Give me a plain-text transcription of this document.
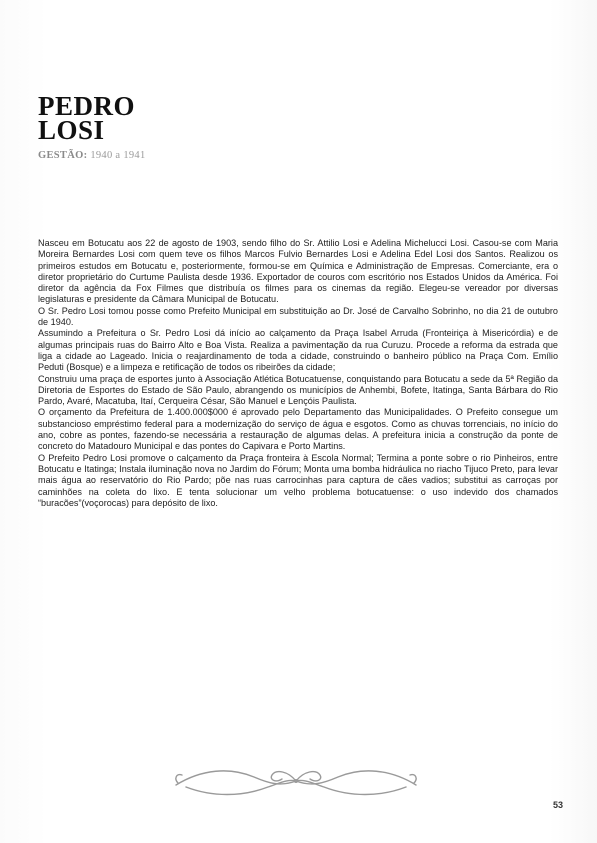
PEDRO
LOSI
GESTÃO: 1940 a 1941

Nasceu em Botucatu aos 22 de agosto de 1903, sendo filho do Sr. Attilio Losi e Adelina Michelucci Losi. Casou-se com Maria Moreira Bernardes Losi com quem teve os filhos Marcos Fulvio Bernardes Losi e Adelina Edel Losi dos Santos. Realizou os primeiros estudos em Botucatu e, posteriormente, formou-se em Química e Administração de Empresas. Comerciante, era o diretor proprietário do Curtume Paulista desde 1936. Exportador de couros com escritório nos Estados Unidos da América. Foi diretor da agência da Fox Filmes que distribuía os filmes para os cinemas da região. Elegeu-se vereador por diversas legislaturas e presidente da Câmara Municipal de Botucatu.

O Sr. Pedro Losi tomou posse como Prefeito Municipal em substituição ao Dr. José de Carvalho Sobrinho, no dia 21 de outubro de 1940.

Assumindo a Prefeitura o Sr. Pedro Losi dá início ao calçamento da Praça Isabel Arruda (Fronteiriça à Misericórdia) e de algumas principais ruas do Bairro Alto e Boa Vista. Realiza a pavimentação da rua Curuzu. Procede a reforma da estrada que liga a cidade ao Lageado. Inicia o reajardinamento de toda a cidade, construindo o banheiro público na Praça Com. Emílio Peduti (Bosque) e a limpeza e retificação de todos os ribeirões da cidade;

Construiu uma praça de esportes junto à Associação Atlética Botucatuense, conquistando para Botucatu a sede da 5ª Região da Diretoria de Esportes do Estado de São Paulo, abrangendo os municípios de Anhembi, Bofete, Itatinga, Santa Bárbara do Rio Pardo, Avaré, Macatuba, Itaí, Cerqueira César, São Manuel e Lençóis Paulista.

O orçamento da Prefeitura de 1.400.000$000 é aprovado pelo Departamento das Municipalidades. O Prefeito consegue um substancioso empréstimo federal para a modernização do serviço de água e esgotos. Como as chuvas torrenciais, no início do ano, cobre as pontes, fazendo-se necessária a restauração de algumas delas. A prefeitura inicia a construção da ponte de concreto do Matadouro Municipal e das pontes do Capivara e Porto Martins.

O Prefeito Pedro Losi promove o calçamento da Praça fronteira à Escola Normal; Termina a ponte sobre o rio Pinheiros, entre Botucatu e Itatinga; Instala iluminação nova no Jardim do Fórum; Monta uma bomba hidráulica no riacho Tijuco Preto, para levar mais água ao reservatório do Rio Pardo; põe nas ruas carrocinhas para captura de cães vadios; substitui as carroças por caminhões na coleta do lixo. E tenta solucionar um velho problema botucatuense: o uso indevido dos chamados “buracões”(voçorocas) para depósito de lixo.

53
